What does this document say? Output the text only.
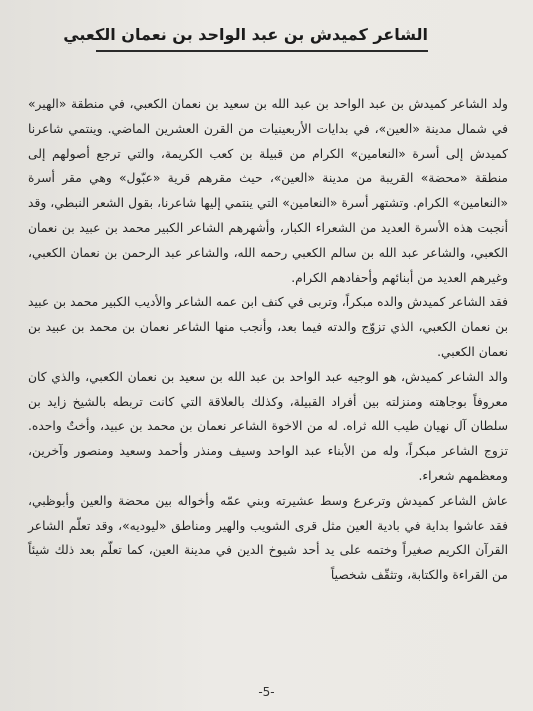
الشاعر كميدش بن عبد الواحد بن نعمان الكعبي

ولد الشاعر كميدش بن عبد الواحد بن عبد الله بن سعيد بن نعمان الكعبي، في منطقة «الهير» في شمال مدينة «العين»، في بدايات الأربعينيات من القرن العشرين الماضي. وينتمي شاعرنا كميدش إلى أسرة «النعامين» الكرام من قبيلة بن كعب الكريمة، والتي ترجع أصولهم إلى منطقة «محضة» القريبة من مدينة «العين»، حيث مقرهم قرية «عبّول» وهي مقر أسرة «النعامين» الكرام. وتشتهر أسرة «النعامين» التي ينتمي إليها شاعرنا، بقول الشعر النبطي، وقد أنجبت هذه الأسرة العديد من الشعراء الكبار، وأشهرهم الشاعر الكبير محمد بن عبيد بن نعمان الكعبي، والشاعر عبد الله بن سالم الكعبي رحمه الله، والشاعر عبد الرحمن بن نعمان الكعبي، وغيرهم العديد من أبنائهم وأحفادهم الكرام.

فقد الشاعر كميدش والده مبكراً، وتربى في كنف ابن عمه الشاعر والأديب الكبير محمد بن عبيد بن نعمان الكعبي، الذي تزوّج والدته فيما بعد، وأنجب منها الشاعر نعمان بن محمد بن عبيد بن نعمان الكعبي.

والد الشاعر كميدش، هو الوجيه عبد الواحد بن عبد الله بن سعيد بن نعمان الكعبي، والذي كان معروفاً بوجاهته ومنزلته بين أفراد القبيلة، وكذلك بالعلاقة التي كانت تربطه بالشيخ زايد بن سلطان آل نهيان طيب الله ثراه. له من الاخوة الشاعر نعمان بن محمد بن عبيد، وأختٌ واحده. تزوج الشاعر مبكراً، وله من الأبناء عبد الواحد وسيف ومنذر وأحمد وسعيد ومنصور وآخرين، ومعظمهم شعراء.

عاش الشاعر كميدش وترعرع وسط عشيرته وبني عمّه وأخواله بين محضة والعين وأبوظبي، فقد عاشوا بداية في بادية العين مثل قرى الشويب والهير ومناطق «ليوديه»، وقد تعلّم الشاعر القرآن الكريم صغيراً وختمه على يد أحد شيوخ الدين في مدينة العين، كما تعلّم بعد ذلك شيئاً من القراءة والكتابة، وتثقّف شخصياً

-5-
